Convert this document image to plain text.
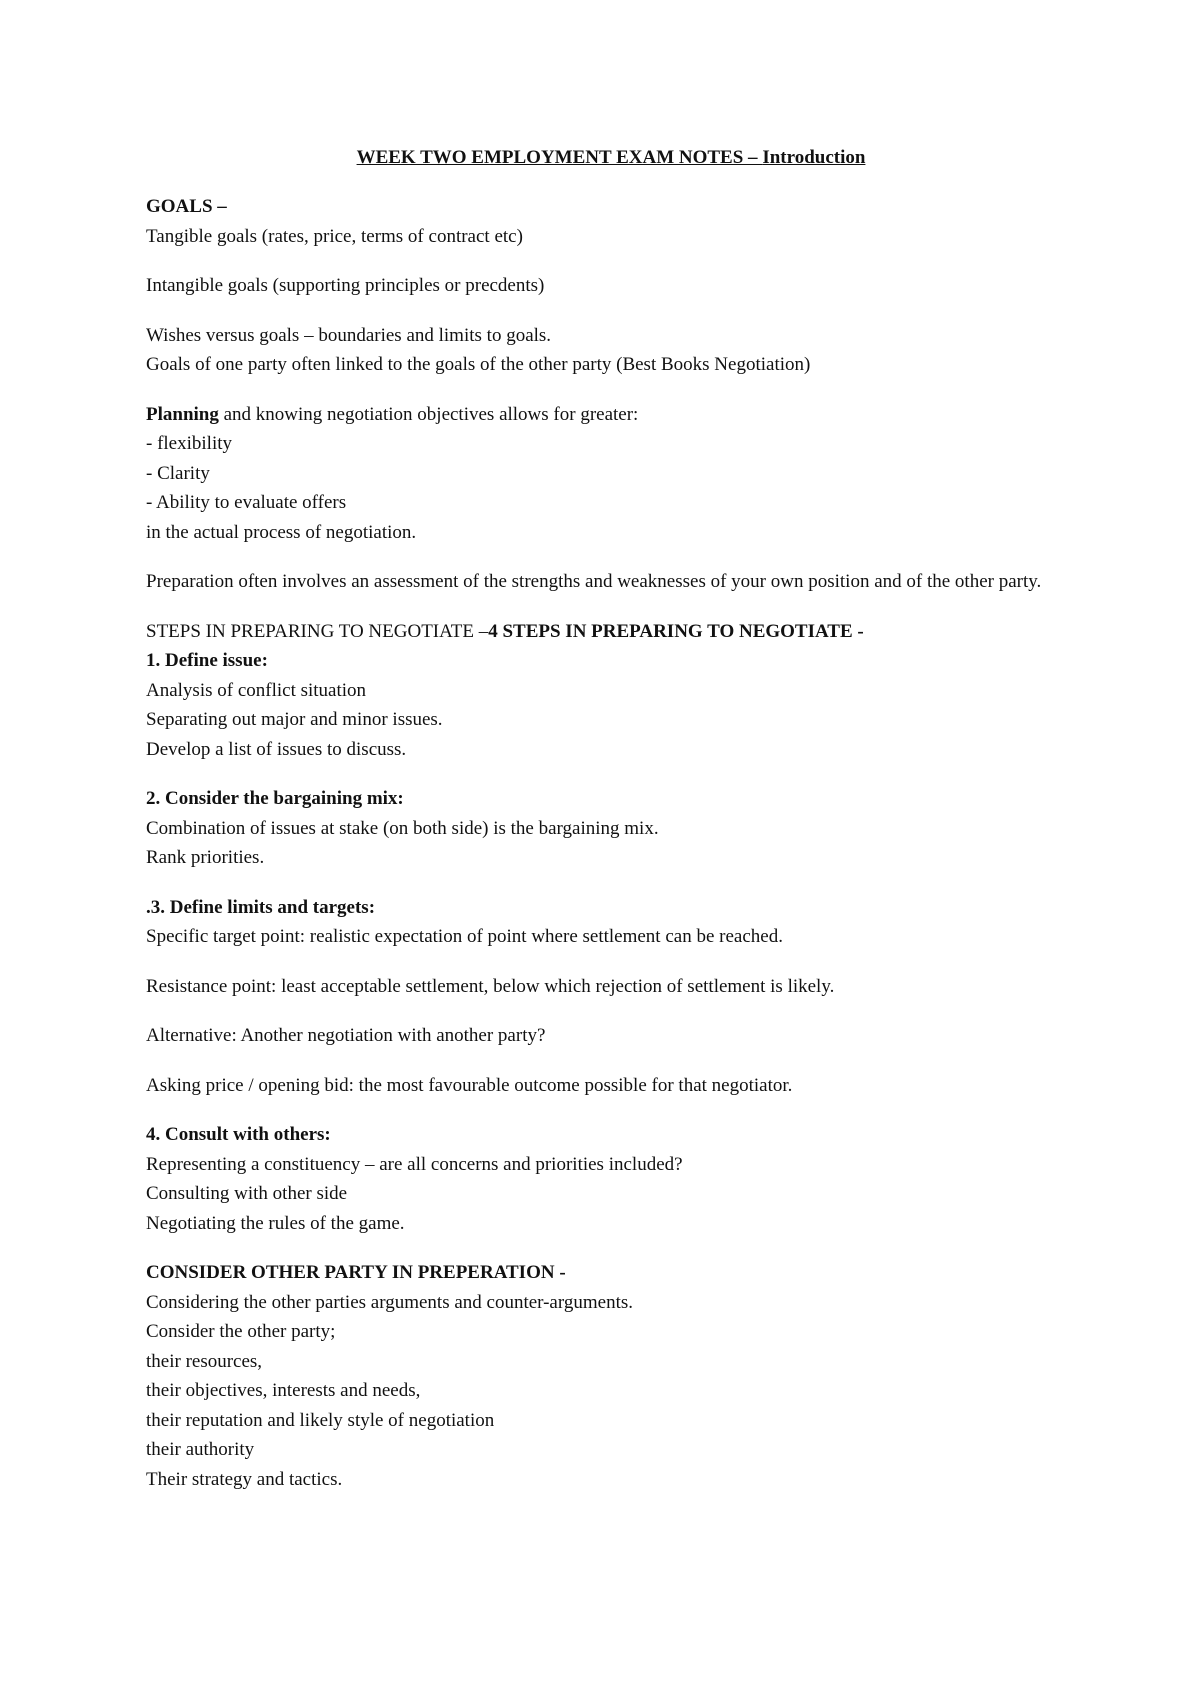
WEEK TWO EMPLOYMENT EXAM NOTES – Introduction

GOALS –
Tangible goals (rates, price, terms of contract etc)

Intangible goals (supporting principles or precdents)

Wishes versus goals – boundaries and limits to goals.
Goals of one party often linked to the goals of the other party (Best Books Negotiation)

Planning and knowing negotiation objectives allows for greater:
- flexibility
- Clarity
- Ability to evaluate offers
in the actual process of negotiation.

Preparation often involves an assessment of the strengths and weaknesses of your own position and of the other party.

STEPS IN PREPARING TO NEGOTIATE –4 STEPS IN PREPARING TO NEGOTIATE -
1. Define issue:
Analysis of conflict situation
Separating out major and minor issues.
Develop a list of issues to discuss.

2. Consider the bargaining mix:
Combination of issues at stake (on both side) is the bargaining mix.
Rank priorities.

.3. Define limits and targets:
Specific target point: realistic expectation of point where settlement can be reached.

Resistance point: least acceptable settlement, below which rejection of settlement is likely.

Alternative: Another negotiation with another party?

Asking price / opening bid: the most favourable outcome possible for that negotiator.

4. Consult with others:
Representing a constituency – are all concerns and priorities included?
Consulting with other side
Negotiating the rules of the game.

CONSIDER OTHER PARTY IN PREPERATION -
Considering the other parties arguments and counter-arguments.
Consider the other party;
their resources,
their objectives, interests and needs,
their reputation and likely style of negotiation
their authority
Their strategy and tactics.
